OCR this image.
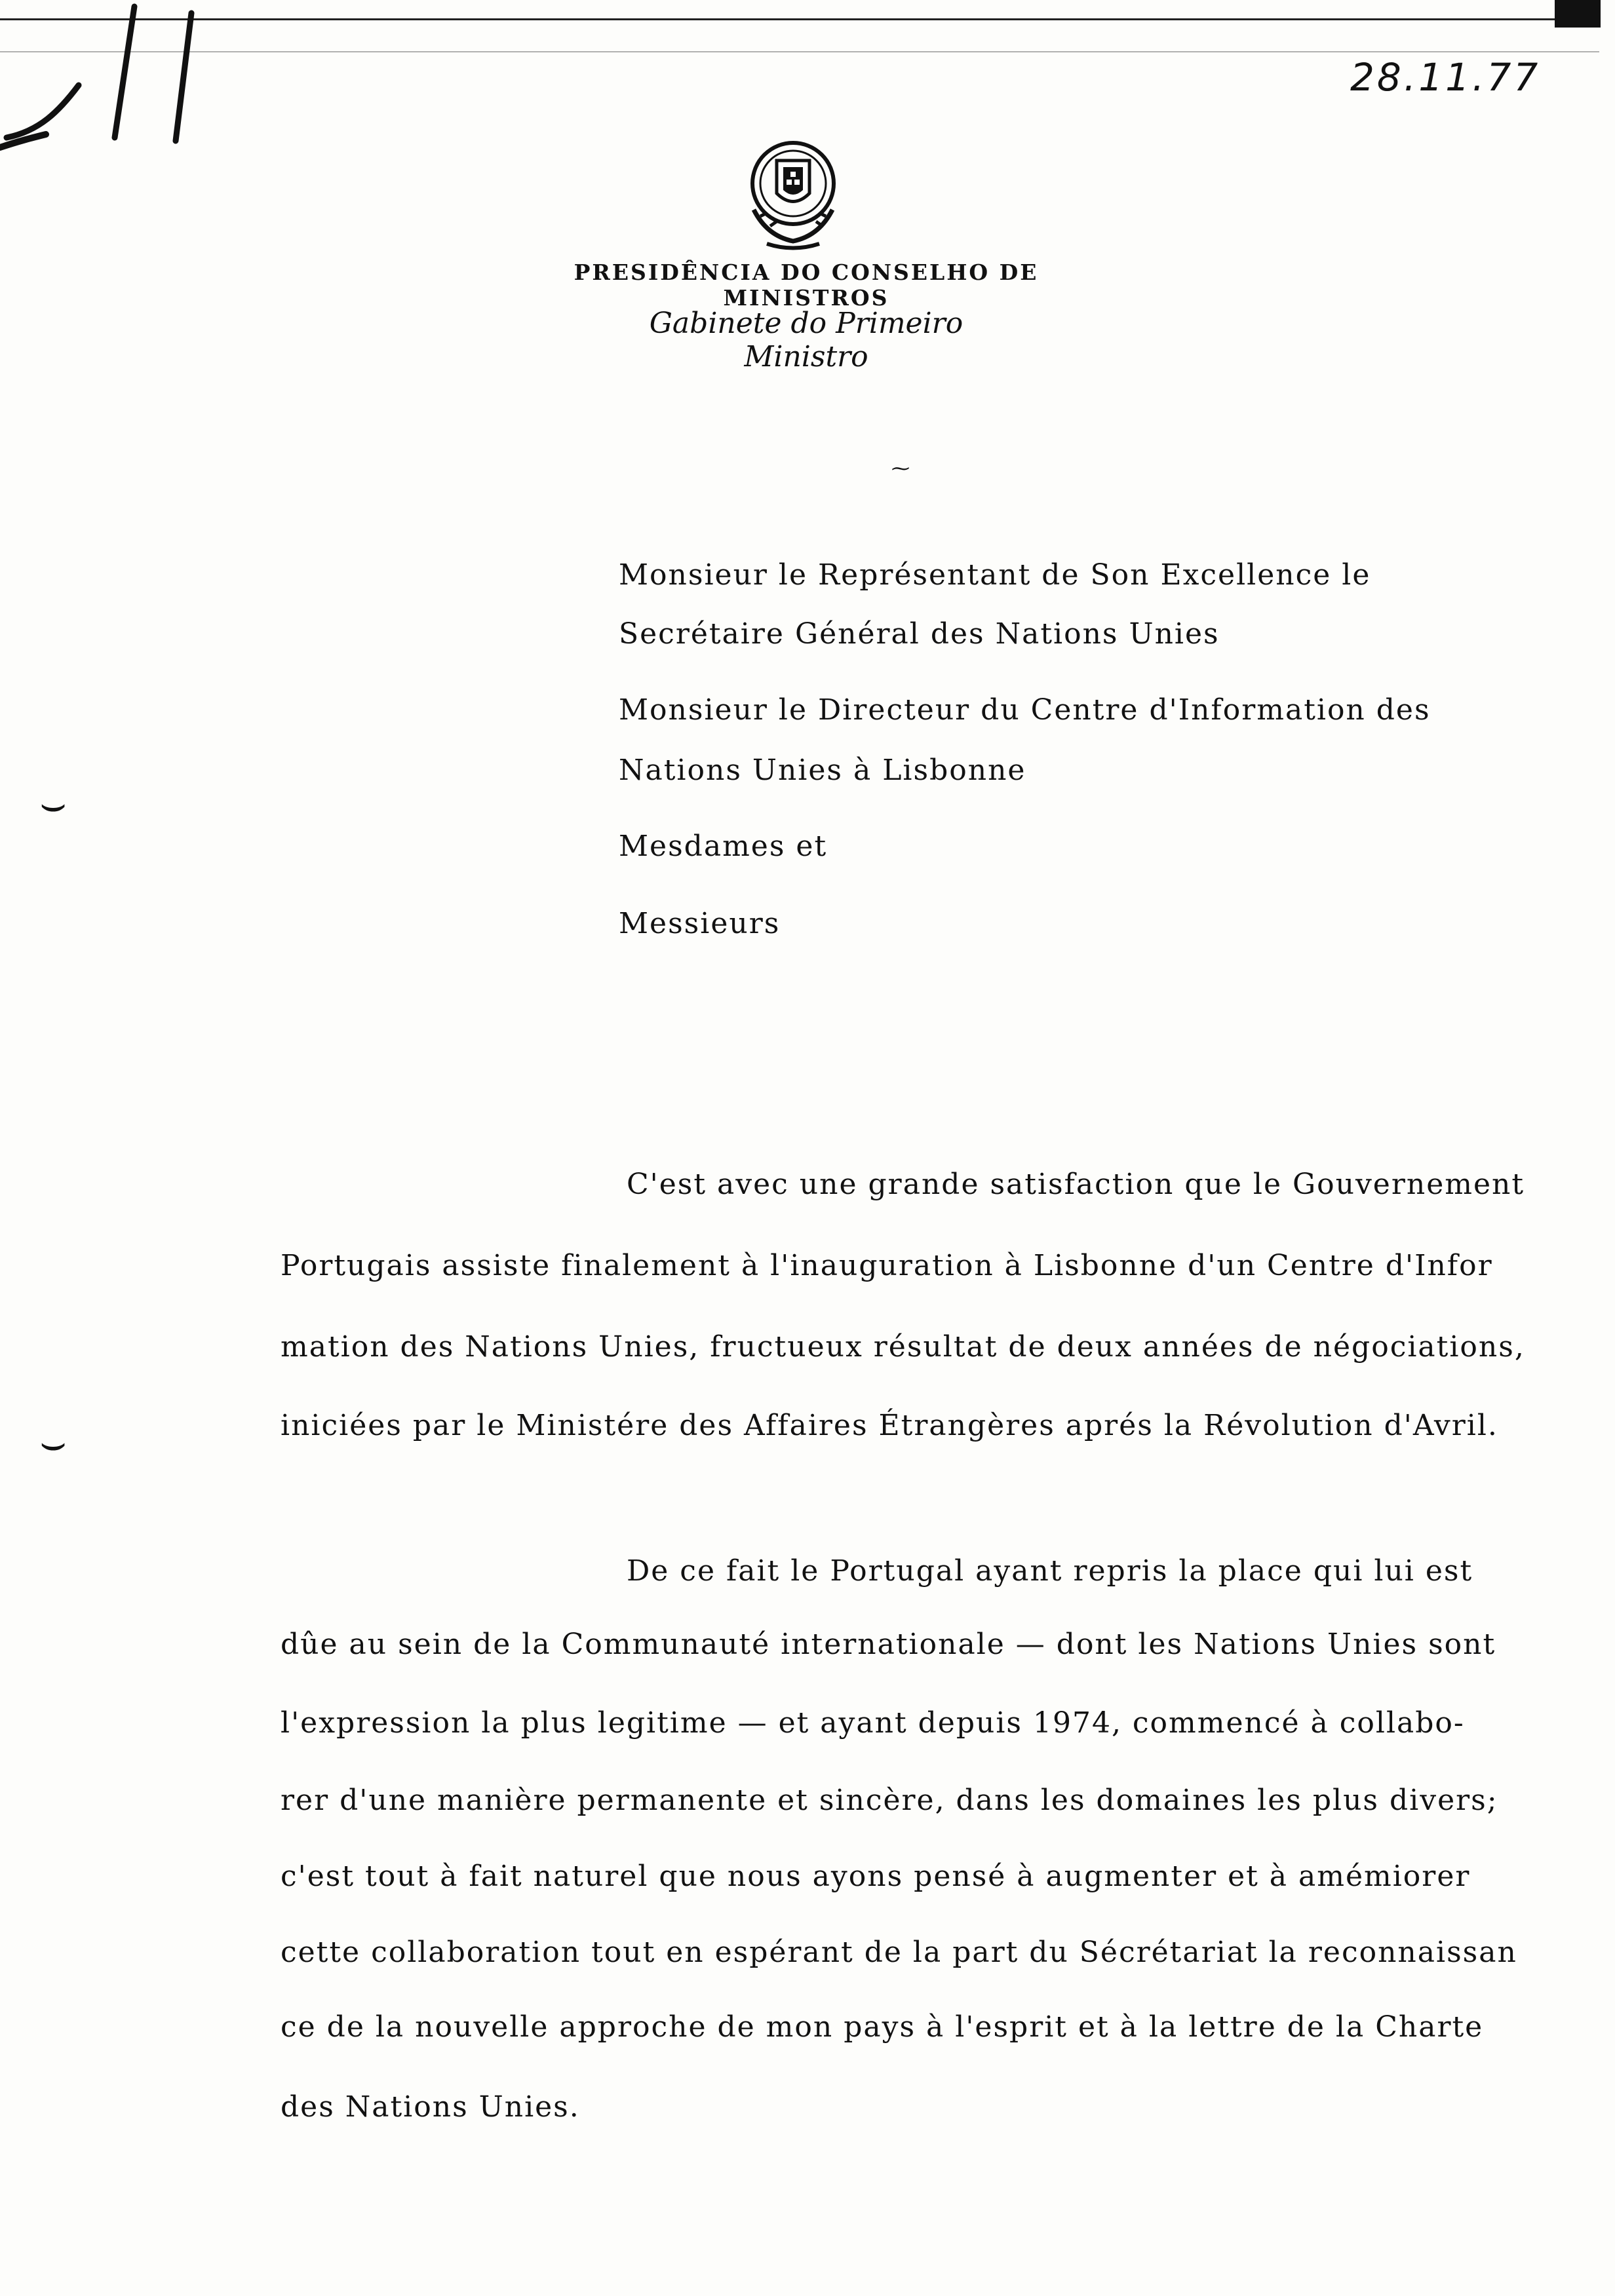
28.11.77
PRESIDÊNCIA DO CONSELHO DE MINISTROS
Gabinete do Primeiro Ministro
⁓
Monsieur le Représentant de Son Excellence le
Secrétaire Général des Nations Unies
Monsieur le Directeur du Centre d'Information des
Nations Unies à Lisbonne
Mesdames et
Messieurs
⌣
⌣
C'est avec une grande satisfaction que le Gouvernement
Portugais assiste finalement à l'inauguration à Lisbonne d'un Centre d'Infor
mation des Nations Unies, fructueux résultat de deux années de négociations,
iniciées par le Ministére des Affaires Étrangères aprés la Révolution d'Avril.
De ce fait le Portugal ayant repris la place qui lui est
dûe au sein de la Communauté internationale — dont les Nations Unies sont
l'expression la plus legitime — et ayant depuis 1974, commencé à collabo-
rer d'une manière permanente et sincère, dans les domaines les plus divers;
c'est tout à fait naturel que nous ayons pensé à augmenter et à amémiorer
cette collaboration tout en espérant de la part du Sécrétariat la reconnaissan
ce de la nouvelle approche de mon pays à l'esprit et à la lettre de la Charte
des Nations Unies.
